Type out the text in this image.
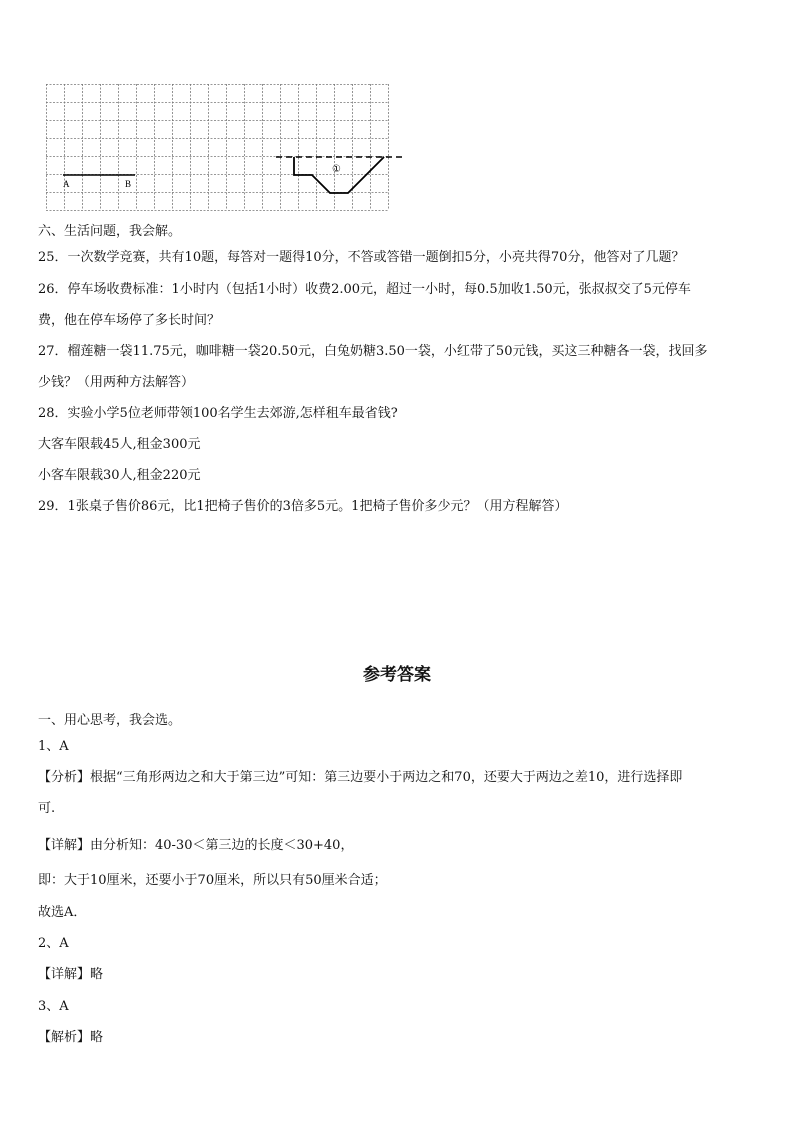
A	B
①
六、生活问题，我会解。
25．一次数学竞赛，共有10题，每答对一题得10分，不答或答错一题倒扣5分，小亮共得70分，他答对了几题？
26．停车场收费标准：1小时内（包括1小时）收费2.00元，超过一小时，每0.5加收1.50元，张叔叔交了5元停车
费，他在停车场停了多长时间？
27．榴莲糖一袋11.75元，咖啡糖一袋20.50元，白兔奶糖3.50一袋，小红带了50元钱，买这三种糖各一袋，找回多
少钱？（用两种方法解答）
28．实验小学5位老师带领100名学生去郊游,怎样租车最省钱?
大客车限载45人,租金300元
小客车限载30人,租金220元
29．1张桌子售价86元，比1把椅子售价的3倍多5元。1把椅子售价多少元？（用方程解答）
参考答案
一、用心思考，我会选。
1、A
【分析】根据“三角形两边之和大于第三边”可知：第三边要小于两边之和70，还要大于两边之差10，进行选择即
可.
【详解】由分析知：40-30＜第三边的长度＜30+40，
即：大于10厘米，还要小于70厘米，所以只有50厘米合适；
故选A．
2、A
【详解】略
3、A
【解析】略
